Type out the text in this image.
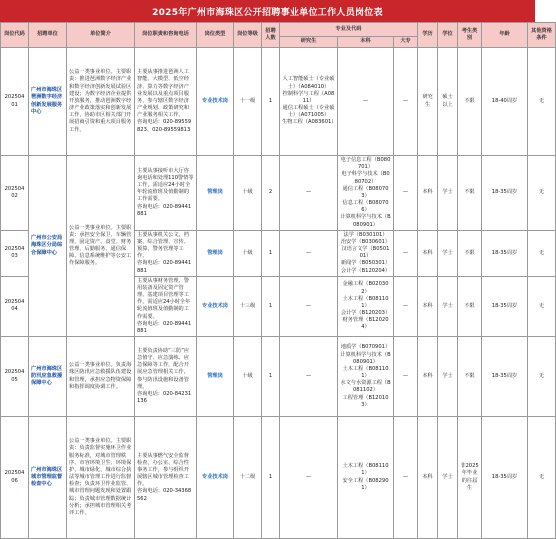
2025年广州市海珠区公开招聘事业单位工作人员岗位表
岗位代码	招聘单位	单位简介	岗位职责和咨询电话	岗位类型	岗位等级	招聘人数	专业及代码			学历	学位	考生类别	年龄	其他资格条件
							研究生	本科	大专					
20250401	广州市海珠区琶洲数字经济创新发展服务中心	公益一类事业单位。主要职责：推进琶洲数字经济产业和数字经济创新发展试验区建设；为数字经济企业提供开放服务，推动琶洲数字经济产业政策落实和创新发展工作，协助市区相关部门开展招商引资和重大项目服务工作。	主要从事推进琶洲人工智能、大模型、低空经济、算力等数字经济产业发展以及重点项目服务，参与辖区数字经济产业规划、政策研究和产业服务相关工作。
咨询电话：020-89559823、020-89559813	专业技术岗	十一级	1	人工智能硕士（专业硕士）（A084010）
控制科学与工程（A0811）
通信工程硕士（专业硕士）（A071005）
生物工程（A083601）	—	—	研究生	硕士以上	不限	18-40周岁	无
20250402	广州市公安局海珠区分局综合保障中心	公益一类事业单位。主要职责：承担安全保卫、车辆管理、固定资产、食堂、财务管理、后勤服务、通信保障、信息系统维护等公安工作保障服务。	主要从事接听市大厅咨询电话和处理110警情等工作，需适应24小时全年轮流值班及值勤制的工作需要。
咨询电话：020-89441881	管理岗	十级	2	—	电子信息工程（B080701）
电子科学与技术（B080702）
通信工程（B080703）
信息工程（B080706）
计算机科学与技术（B080901）	—	本科	学士	不限	18-35周岁	无
20250403			主要从事机关公文、档案、综合管理、宣传、预算、警务管理等工作。
咨询电话：020-89441881	管理岗	十级	1	—	法学（B030101）
治安学（B030601）
汉语言文学（B050101）
新闻学（B050301）
会计学（B120204）	—	本科	学士	不限	18-35周岁	无
20250404			主要从事财务管理、警用装备及固定资产管理、基建项目管理等工作，需适应24小时全年轮流值班及值勤制的工作需要。
咨询电话：020-89441881	专业技术岗	十三级	1	—	金融工程（B020302）
土木工程（B081101）
会计学（B120203）
财务管理（B120204）	—	本科	学士	不限	18-35周岁	无
20250405	广州市海珠区防汛应急救援保障中心	公益一类事业单位。负责海珠区防汛应急救援队伍建设和管理，承担应急物资保障和指挥调度协调工作。	主要负责协助“三防”应急值守、应急演练、应急保障等工作，配合开展应急管理相关工作，参与防汛设施和设备管理。
咨询电话：020-84231136	管理岗	十级	1	—	地质学（B070901）
计算机科学与技术（B080901）
土木工程（B081101）
水文与水资源工程（B081102）
工程管理（B120103）	—	本科	学士	不限	18-35周岁	无
20250406	广州市海珠区城市管理监督检查中心	公益一类事业单位。主要职责：负责监督实施环卫作业服务标准，对城市管理秩序、市容环境卫生、环境保护、城市绿化、城市综合执法等城市管理工作进行监督检查；负责环卫作业监管、城市管理问题发现和处置跟踪；负责城市管理数据统计分析；承担城市管理相关考评工作。	主要从事燃气安全监督检查，办公室、综合性事务工作，参与组织开展辖区城市管理检查工作。
咨询电话：020-34368562	专业技术岗	十二级	1	—	土木工程（B081101）
安全工程（B082901）	—	本科	学士	非2025年毕业的往届生	18-35周岁	无
